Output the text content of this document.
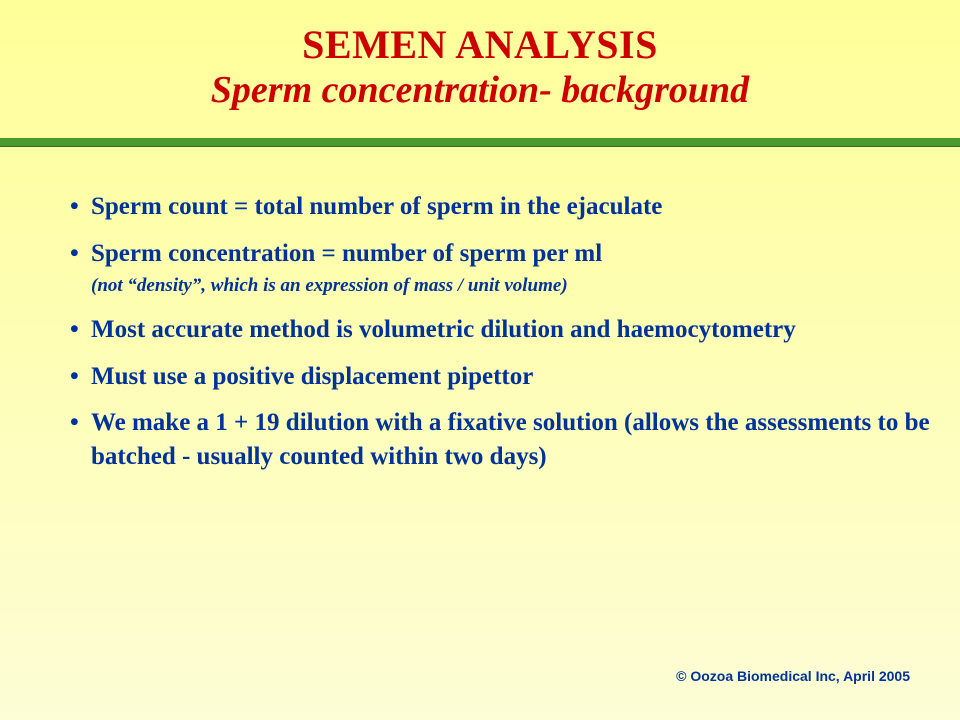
SEMEN ANALYSIS
Sperm concentration- background
• Sperm count = total number of sperm in the ejaculate
• Sperm concentration = number of sperm per ml
(not “density”, which is an expression of mass / unit volume)
• Most accurate method is volumetric dilution and haemocytometry
• Must use a positive displacement pipettor
• We make a 1 + 19 dilution with a fixative solution (allows the assessments to be batched - usually counted within two days)
© Oozoa Biomedical Inc, April 2005
